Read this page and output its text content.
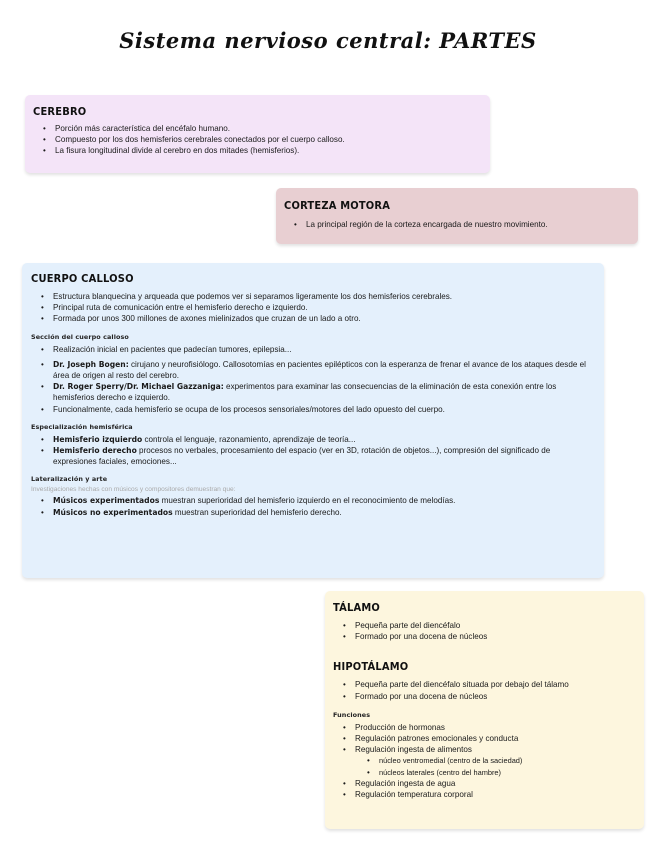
Sistema nervioso central: PARTES
CEREBRO
• Porción más característica del encéfalo humano.
• Compuesto por los dos hemisferios cerebrales conectados por el cuerpo calloso.
• La fisura longitudinal divide al cerebro en dos mitades (hemisferios).
CORTEZA MOTORA
• La principal región de la corteza encargada de nuestro movimiento.
CUERPO CALLOSO
• Estructura blanquecina y arqueada que podemos ver si separamos ligeramente los dos hemisferios cerebrales.
• Principal ruta de comunicación entre el hemisferio derecho e izquierdo.
• Formada por unos 300 millones de axones mielinizados que cruzan de un lado a otro.
Sección del cuerpo calloso
• Realización inicial en pacientes que padecían tumores, epilepsia...
• Dr. Joseph Bogen: cirujano y neurofisiólogo. Callosotomías en pacientes epilépticos con la esperanza de frenar el avance de los ataques desde el área de origen al resto del cerebro.
• Dr. Roger Sperry/Dr. Michael Gazzaniga: experimentos para examinar las consecuencias de la eliminación de esta conexión entre los hemisferios derecho e izquierdo.
• Funcionalmente, cada hemisferio se ocupa de los procesos sensoriales/motores del lado opuesto del cuerpo.
Especialización hemisférica
• Hemisferio izquierdo controla el lenguaje, razonamiento, aprendizaje de teoría...
• Hemisferio derecho procesos no verbales, procesamiento del espacio (ver en 3D, rotación de objetos...), compresión del significado de expresiones faciales, emociones...
Lateralización y arte
Investigaciones hechas con músicos y compositores demuestran que:
• Músicos experimentados muestran superioridad del hemisferio izquierdo en el reconocimiento de melodías.
• Músicos no experimentados muestran superioridad del hemisferio derecho.
TÁLAMO
• Pequeña parte del diencéfalo
• Formado por una docena de núcleos
HIPOTÁLAMO
• Pequeña parte del diencéfalo situada por debajo del tálamo
• Formado por una docena de núcleos
Funciones
• Producción de hormonas
• Regulación patrones emocionales y conducta
• Regulación ingesta de alimentos
• núcleo ventromedial (centro de la saciedad)
• núcleos laterales (centro del hambre)
• Regulación ingesta de agua
• Regulación temperatura corporal
